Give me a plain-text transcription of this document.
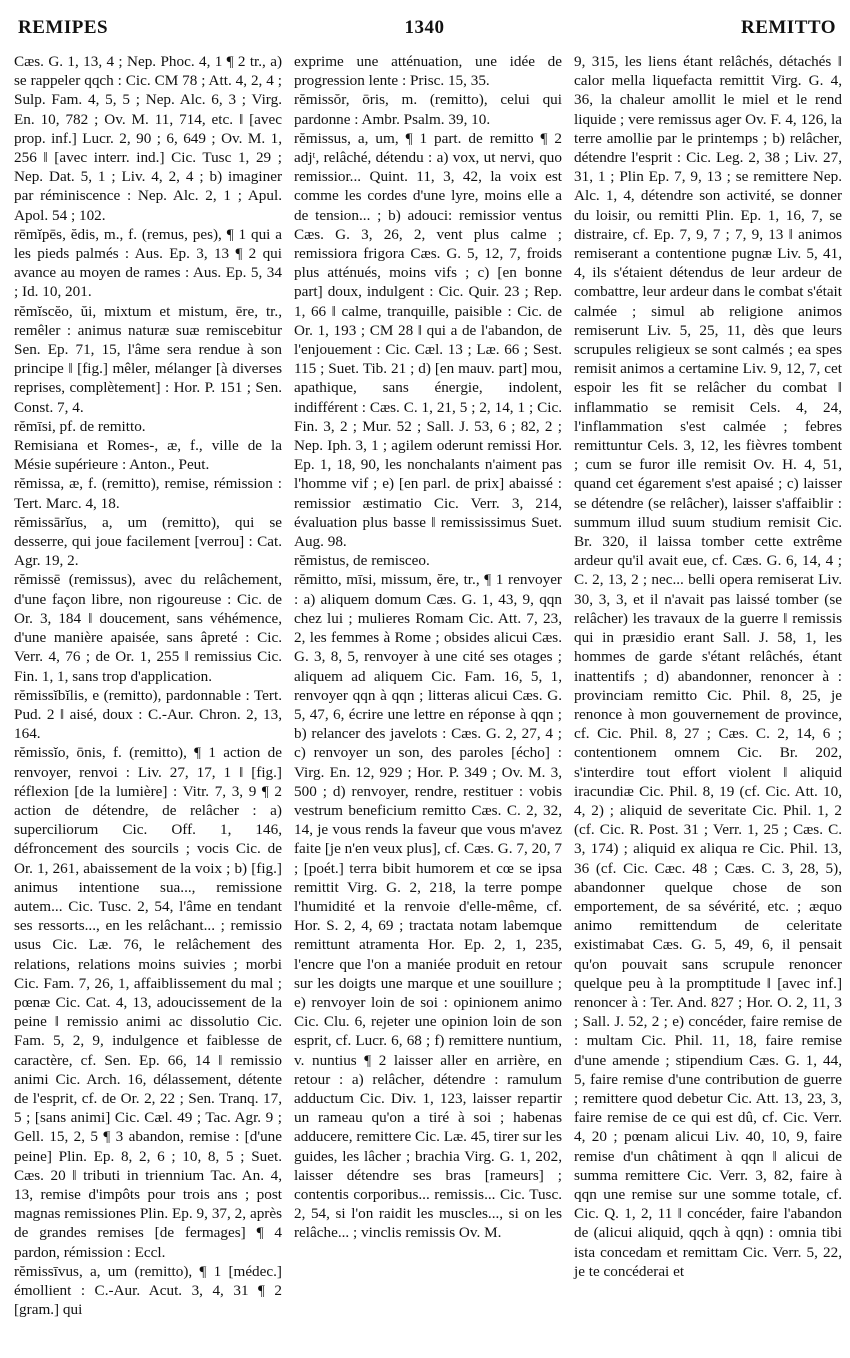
REMIPES	1340	REMITTO

Cæs. G. 1, 13, 4 ; Nep. Phoc. 4, 1 ¶ 2 tr., a) se rappeler qqch : Cic. CM 78 ; Att. 4, 2, 4 ; Sulp. Fam. 4, 5, 5 ; Nep. Alc. 6, 3 ; Virg. En. 10, 782 ; Ov. M. 11, 714, etc. ‖ [avec prop. inf.] Lucr. 2, 90 ; 6, 649 ; Ov. M. 1, 256 ‖ [avec interr. ind.] Cic. Tusc 1, 29 ; Nep. Dat. 5, 1 ; Liv. 4, 2, 4 ; b) imaginer par réminiscence : Nep. Alc. 2, 1 ; Apul. Apol. 54 ; 102.

rēmĭpēs, ĕdis, m., f. (remus, pes), ¶ 1 qui a les pieds palmés : Aus. Ep. 3, 13 ¶ 2 qui avance au moyen de rames : Aus. Ep. 5, 34 ; Id. 10, 201.

rĕmĭscĕo, ŭi, mixtum et mistum, ēre, tr., remêler : animus naturæ suæ remiscebitur Sen. Ep. 71, 15, l'âme sera rendue à son principe ‖ [fig.] mêler, mélanger [à diverses reprises, complètement] : Hor. P. 151 ; Sen. Const. 7, 4.

rĕmīsi, pf. de remitto.

Remisiana et Romes-, æ, f., ville de la Mésie supérieure : Anton., Peut.

rĕmissa, æ, f. (remitto), remise, rémission : Tert. Marc. 4, 18.

rĕmissārĭus, a, um (remitto), qui se desserre, qui joue facilement [verrou] : Cat. Agr. 19, 2.

rĕmissē (remissus), avec du relâchement, d'une façon libre, non rigoureuse : Cic. de Or. 3, 184 ‖ doucement, sans véhémence, d'une manière apaisée, sans âpreté : Cic. Verr. 4, 76 ; de Or. 1, 255 ‖ remissius Cic. Fin. 1, 1, sans trop d'application.

rĕmissĭbĭlis, e (remitto), pardonnable : Tert. Pud. 2 ‖ aisé, doux : C.-Aur. Chron. 2, 13, 164.

rĕmissĭo, ōnis, f. (remitto), ¶ 1 action de renvoyer, renvoi : Liv. 27, 17, 1 ‖ [fig.] réflexion [de la lumière] : Vitr. 7, 3, 9 ¶ 2 action de détendre, de relâcher : a) superciliorum Cic. Off. 1, 146, défroncement des sourcils ; vocis Cic. de Or. 1, 261, abaissement de la voix ; b) [fig.] animus intentione sua..., remissione autem... Cic. Tusc. 2, 54, l'âme en tendant ses ressorts..., en les relâchant... ; remissio usus Cic. Læ. 76, le relâchement des relations, relations moins suivies ; morbi Cic. Fam. 7, 26, 1, affaiblissement du mal ; pœnæ Cic. Cat. 4, 13, adoucissement de la peine ‖ remissio animi ac dissolutio Cic. Fam. 5, 2, 9, indulgence et faiblesse de caractère, cf. Sen. Ep. 66, 14 ‖ remissio animi Cic. Arch. 16, délassement, détente de l'esprit, cf. de Or. 2, 22 ; Sen. Tranq. 17, 5 ; [sans animi] Cic. Cæl. 49 ; Tac. Agr. 9 ; Gell. 15, 2, 5 ¶ 3 abandon, remise : [d'une peine] Plin. Ep. 8, 2, 6 ; 10, 8, 5 ; Suet. Cæs. 20 ‖ tributi in triennium Tac. An. 4, 13, remise d'impôts pour trois ans ; post magnas remissiones Plin. Ep. 9, 37, 2, après de grandes remises [de fermages] ¶ 4 pardon, rémission : Eccl.

rĕmissīvus, a, um (remitto), ¶ 1 [médec.] émollient : C.-Aur. Acut. 3, 4, 31 ¶ 2 [gram.] qui

exprime une atténuation, une idée de progression lente : Prisc. 15, 35.

rĕmissŏr, ōris, m. (remitto), celui qui pardonne : Ambr. Psalm. 39, 10.

rĕmissus, a, um, ¶ 1 part. de remitto ¶ 2 adjᵗ, relâché, détendu : a) vox, ut nervi, quo remissior... Quint. 11, 3, 42, la voix est comme les cordes d'une lyre, moins elle a de tension... ; b) adouci: remissior ventus Cæs. G. 3, 26, 2, vent plus calme ; remissiora frigora Cæs. G. 5, 12, 7, froids plus atténués, moins vifs ; c) [en bonne part] doux, indulgent : Cic. Quir. 23 ; Rep. 1, 66 ‖ calme, tranquille, paisible : Cic. de Or. 1, 193 ; CM 28 ‖ qui a de l'abandon, de l'enjouement : Cic. Cæl. 13 ; Læ. 66 ; Sest. 115 ; Suet. Tib. 21 ; d) [en mauv. part] mou, apathique, sans énergie, indolent, indifférent : Cæs. C. 1, 21, 5 ; 2, 14, 1 ; Cic. Fin. 3, 2 ; Mur. 52 ; Sall. J. 53, 6 ; 82, 2 ; Nep. Iph. 3, 1 ; agilem oderunt remissi Hor. Ep. 1, 18, 90, les nonchalants n'aiment pas l'homme vif ; e) [en parl. de prix] abaissé : remissior æstimatio Cic. Verr. 3, 214, évaluation plus basse ‖ remississimus Suet. Aug. 98.

rĕmistus, de remisceo.

rĕmitto, mīsi, missum, ĕre, tr., ¶ 1 renvoyer : a) aliquem domum Cæs. G. 1, 43, 9, qqn chez lui ; mulieres Romam Cic. Att. 7, 23, 2, les femmes à Rome ; obsides alicui Cæs. G. 3, 8, 5, renvoyer à une cité ses otages ; aliquem ad aliquem Cic. Fam. 16, 5, 1, renvoyer qqn à qqn ; litteras alicui Cæs. G. 5, 47, 6, écrire une lettre en réponse à qqn ; b) relancer des javelots : Cæs. G. 2, 27, 4 ; c) renvoyer un son, des paroles [écho] : Virg. En. 12, 929 ; Hor. P. 349 ; Ov. M. 3, 500 ; d) renvoyer, rendre, restituer : vobis vestrum beneficium remitto Cæs. C. 2, 32, 14, je vous rends la faveur que vous m'avez faite [je n'en veux plus], cf. Cæs. G. 7, 20, 7 ; [poét.] terra bibit humorem et cœ se ipsa remittit Virg. G. 2, 218, la terre pompe l'humidité et la renvoie d'elle-même, cf. Hor. S. 2, 4, 69 ; tractata notam labemque remittunt atramenta Hor. Ep. 2, 1, 235, l'encre que l'on a maniée produit en retour sur les doigts une marque et une souillure ; e) renvoyer loin de soi : opinionem animo Cic. Clu. 6, rejeter une opinion loin de son esprit, cf. Lucr. 6, 68 ; f) remittere nuntium, v. nuntius ¶ 2 laisser aller en arrière, en retour : a) relâcher, détendre : ramulum adductum Cic. Div. 1, 123, laisser repartir un rameau qu'on a tiré à soi ; habenas adducere, remittere Cic. Læ. 45, tirer sur les guides, les lâcher ; brachia Virg. G. 1, 202, laisser détendre ses bras [rameurs] ; contentis corporibus... remissis... Cic. Tusc. 2, 54, si l'on raidit les muscles..., si on les relâche... ; vinclis remissis Ov. M.

9, 315, les liens étant relâchés, détachés ‖ calor mella liquefacta remittit Virg. G. 4, 36, la chaleur amollit le miel et le rend liquide ; vere remissus ager Ov. F. 4, 126, la terre amollie par le printemps ; b) relâcher, détendre l'esprit : Cic. Leg. 2, 38 ; Liv. 27, 31, 1 ; Plin Ep. 7, 9, 13 ; se remittere Nep. Alc. 1, 4, détendre son activité, se donner du loisir, ou remitti Plin. Ep. 1, 16, 7, se distraire, cf. Ep. 7, 9, 7 ; 7, 9, 13 ‖ animos remiserant a contentione pugnæ Liv. 5, 41, 4, ils s'étaient détendus de leur ardeur de combattre, leur ardeur dans le combat s'était calmée ; simul ab religione animos remiserunt Liv. 5, 25, 11, dès que leurs scrupules religieux se sont calmés ; ea spes remisit animos a certamine Liv. 9, 12, 7, cet espoir les fit se relâcher du combat ‖ inflammatio se remisit Cels. 4, 24, l'inflammation s'est calmée ; febres remittuntur Cels. 3, 12, les fièvres tombent ; cum se furor ille remisit Ov. H. 4, 51, quand cet égarement s'est apaisé ; c) laisser se détendre (se relâcher), laisser s'affaiblir : summum illud suum studium remisit Cic. Br. 320, il laissa tomber cette extrême ardeur qu'il avait eue, cf. Cæs. G. 6, 14, 4 ; C. 2, 13, 2 ; nec... belli opera remiserat Liv. 30, 3, 3, et il n'avait pas laissé tomber (se relâcher) les travaux de la guerre ‖ remissis qui in præsidio erant Sall. J. 58, 1, les hommes de garde s'étant relâchés, étant inattentifs ; d) abandonner, renoncer à : provinciam remitto Cic. Phil. 8, 25, je renonce à mon gouvernement de province, cf. Cic. Phil. 8, 27 ; Cæs. C. 2, 14, 6 ; contentionem omnem Cic. Br. 202, s'interdire tout effort violent ‖ aliquid iracundiæ Cic. Phil. 8, 19 (cf. Cic. Att. 10, 4, 2) ; aliquid de severitate Cic. Phil. 1, 2 (cf. Cic. R. Post. 31 ; Verr. 1, 25 ; Cæs. C. 3, 174) ; aliquid ex aliqua re Cic. Phil. 13, 36 (cf. Cic. Cæc. 48 ; Cæs. C. 3, 28, 5), abandonner quelque chose de son emportement, de sa sévérité, etc. ; æquo animo remittendum de celeritate existimabat Cæs. G. 5, 49, 6, il pensait qu'on pouvait sans scrupule renoncer quelque peu à la promptitude ‖ [avec inf.] renoncer à : Ter. And. 827 ; Hor. O. 2, 11, 3 ; Sall. J. 52, 2 ; e) concéder, faire remise de : multam Cic. Phil. 11, 18, faire remise d'une amende ; stipendium Cæs. G. 1, 44, 5, faire remise d'une contribution de guerre ; remittere quod debetur Cic. Att. 13, 23, 3, faire remise de ce qui est dû, cf. Cic. Verr. 4, 20 ; pœnam alicui Liv. 40, 10, 9, faire remise d'un châtiment à qqn ‖ alicui de summa remittere Cic. Verr. 3, 82, faire à qqn une remise sur une somme totale, cf. Cic. Q. 1, 2, 11 ‖ concéder, faire l'abandon de (alicui aliquid, qqch à qqn) : omnia tibi ista concedam et remittam Cic. Verr. 5, 22, je te concéderai et
